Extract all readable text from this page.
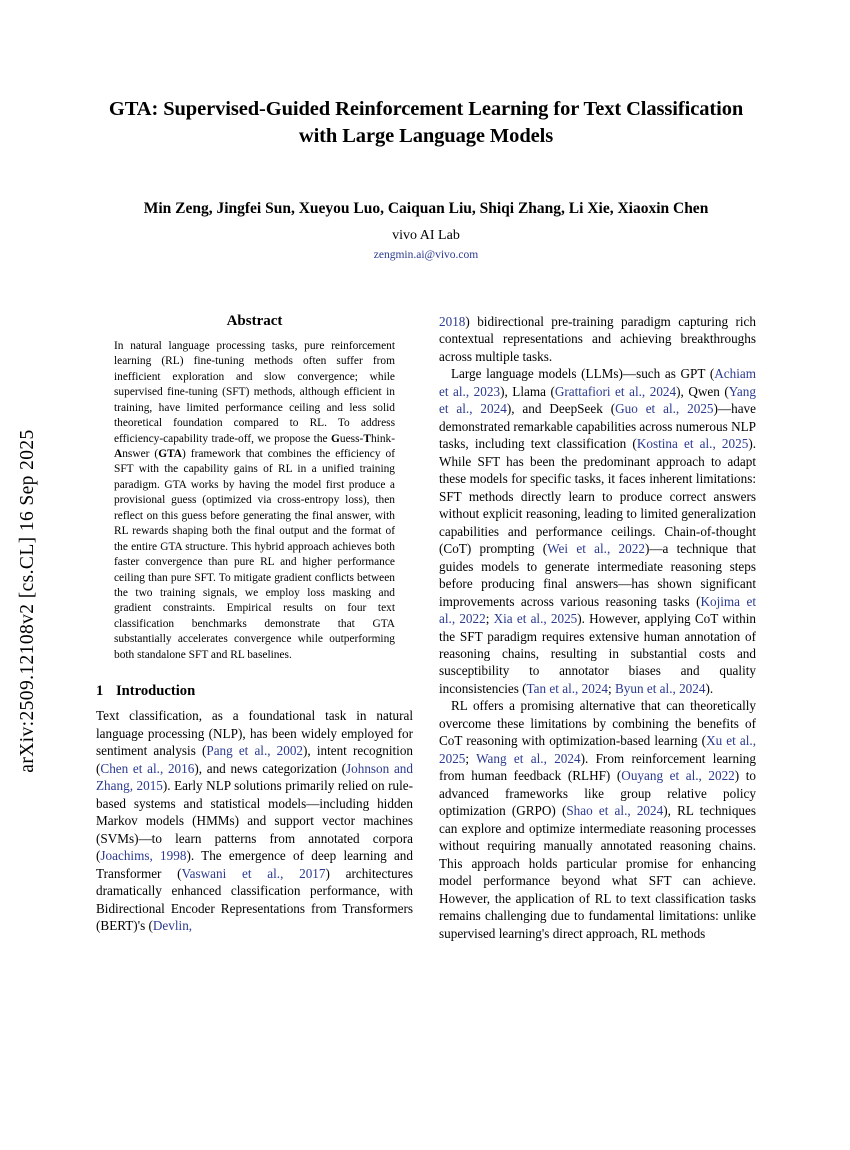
arXiv:2509.12108v2 [cs.CL] 16 Sep 2025
GTA: Supervised-Guided Reinforcement Learning for Text Classification with Large Language Models
Min Zeng, Jingfei Sun, Xueyou Luo, Caiquan Liu, Shiqi Zhang, Li Xie, Xiaoxin Chen
vivo AI Lab
zengmin.ai@vivo.com
Abstract
In natural language processing tasks, pure reinforcement learning (RL) fine-tuning methods often suffer from inefficient exploration and slow convergence; while supervised fine-tuning (SFT) methods, although efficient in training, have limited performance ceiling and less solid theoretical foundation compared to RL. To address efficiency-capability trade-off, we propose the Guess-Think-Answer (GTA) framework that combines the efficiency of SFT with the capability gains of RL in a unified training paradigm. GTA works by having the model first produce a provisional guess (optimized via cross-entropy loss), then reflect on this guess before generating the final answer, with RL rewards shaping both the final output and the format of the entire GTA structure. This hybrid approach achieves both faster convergence than pure RL and higher performance ceiling than pure SFT. To mitigate gradient conflicts between the two training signals, we employ loss masking and gradient constraints. Empirical results on four text classification benchmarks demonstrate that GTA substantially accelerates convergence while outperforming both standalone SFT and RL baselines.
1 Introduction

Text classification, as a foundational task in natural language processing (NLP), has been widely employed for sentiment analysis (Pang et al., 2002), intent recognition (Chen et al., 2016), and news categorization (Johnson and Zhang, 2015). Early NLP solutions primarily relied on rule-based systems and statistical models—including hidden Markov models (HMMs) and support vector machines (SVMs)—to learn patterns from annotated corpora (Joachims, 1998). The emergence of deep learning and Transformer (Vaswani et al., 2017) architectures dramatically enhanced classification performance, with Bidirectional Encoder Representations from Transformers (BERT)'s (Devlin,

2018) bidirectional pre-training paradigm capturing rich contextual representations and achieving breakthroughs across multiple tasks.

Large language models (LLMs)—such as GPT (Achiam et al., 2023), Llama (Grattafiori et al., 2024), Qwen (Yang et al., 2024), and DeepSeek (Guo et al., 2025)—have demonstrated remarkable capabilities across numerous NLP tasks, including text classification (Kostina et al., 2025). While SFT has been the predominant approach to adapt these models for specific tasks, it faces inherent limitations: SFT methods directly learn to produce correct answers without explicit reasoning, leading to limited generalization capabilities and performance ceilings. Chain-of-thought (CoT) prompting (Wei et al., 2022)—a technique that guides models to generate intermediate reasoning steps before producing final answers—has shown significant improvements across various reasoning tasks (Kojima et al., 2022; Xia et al., 2025). However, applying CoT within the SFT paradigm requires extensive human annotation of reasoning chains, resulting in substantial costs and susceptibility to annotator biases and quality inconsistencies (Tan et al., 2024; Byun et al., 2024).

RL offers a promising alternative that can theoretically overcome these limitations by combining the benefits of CoT reasoning with optimization-based learning (Xu et al., 2025; Wang et al., 2024). From reinforcement learning from human feedback (RLHF) (Ouyang et al., 2022) to advanced frameworks like group relative policy optimization (GRPO) (Shao et al., 2024), RL techniques can explore and optimize intermediate reasoning processes without requiring manually annotated reasoning chains. This approach holds particular promise for enhancing model performance beyond what SFT can achieve. However, the application of RL to text classification tasks remains challenging due to fundamental limitations: unlike supervised learning's direct approach, RL methods
